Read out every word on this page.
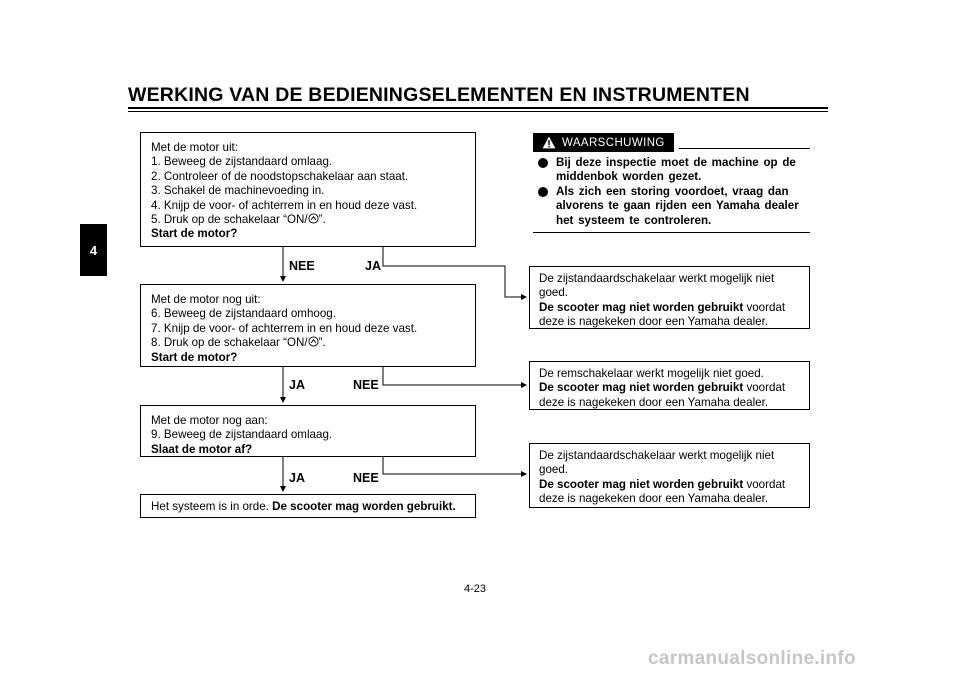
WERKING VAN DE BEDIENINGSELEMENTEN EN INSTRUMENTEN
4
Met de motor uit:
1. Beweeg de zijstandaard omlaag.
2. Controleer of de noodstopschakelaar aan staat.
3. Schakel de machinevoeding in.
4. Knijp de voor- of achterrem in en houd deze vast.
5. Druk op de schakelaar “ON/ ”.
Start de motor?
NEE	JA
Met de motor nog uit:
6. Beweeg de zijstandaard omhoog.
7. Knijp de voor- of achterrem in en houd deze vast.
8. Druk op de schakelaar “ON/ ”.
Start de motor?
JA	NEE
Met de motor nog aan:
9. Beweeg de zijstandaard omlaag.
Slaat de motor af?
JA	NEE
Het systeem is in orde. De scooter mag worden gebruikt.
De zijstandaardschakelaar werkt mogelijk niet
goed.
De scooter mag niet worden gebruikt voordat
deze is nagekeken door een Yamaha dealer.
De remschakelaar werkt mogelijk niet goed.
De scooter mag niet worden gebruikt voordat
deze is nagekeken door een Yamaha dealer.
De zijstandaardschakelaar werkt mogelijk niet
goed.
De scooter mag niet worden gebruikt voordat
deze is nagekeken door een Yamaha dealer.
WAARSCHUWING
Bij deze inspectie moet de machine op de middenbok worden gezet.
Als zich een storing voordoet, vraag dan alvorens te gaan rijden een Yamaha dealer het systeem te controleren.
4-23
carmanualsonline.info
